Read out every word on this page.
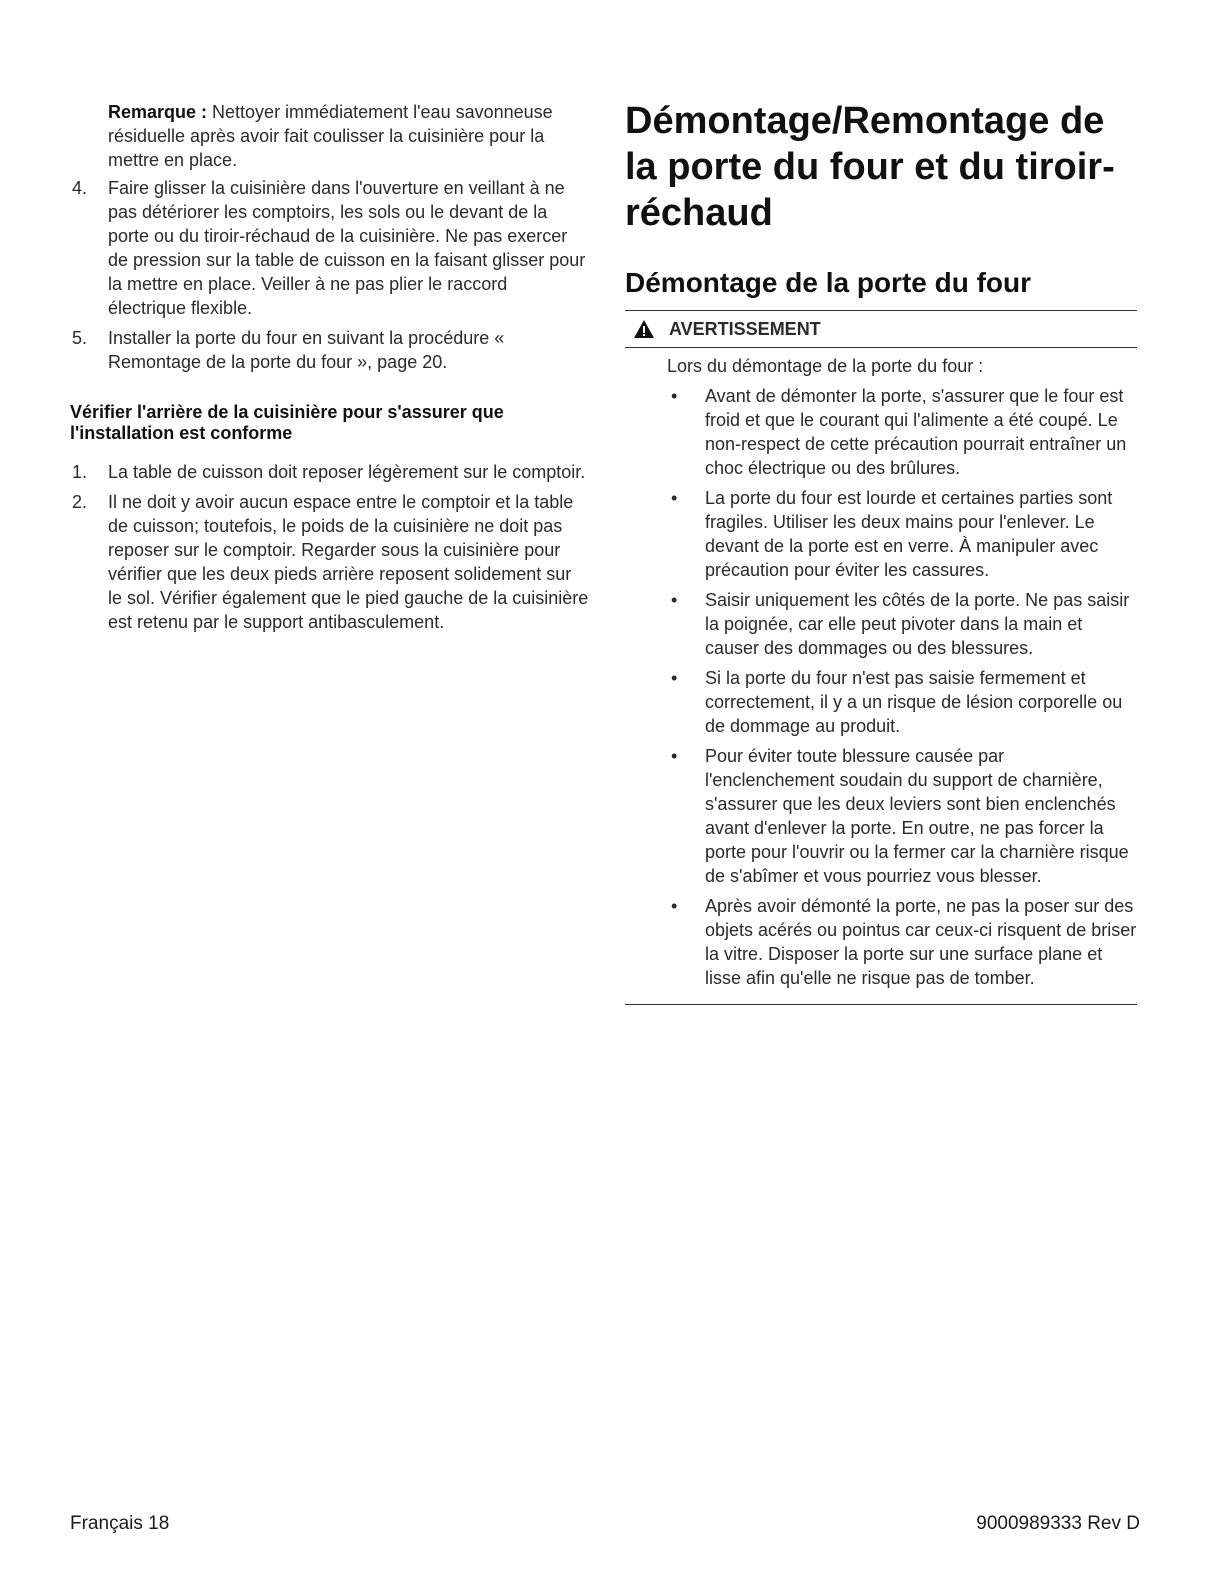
Remarque : Nettoyer immédiatement l'eau savonneuse résiduelle après avoir fait coulisser la cuisinière pour la mettre en place.

4. Faire glisser la cuisinière dans l'ouverture en veillant à ne pas détériorer les comptoirs, les sols ou le devant de la porte ou du tiroir-réchaud de la cuisinière. Ne pas exercer de pression sur la table de cuisson en la faisant glisser pour la mettre en place. Veiller à ne pas plier le raccord électrique flexible.
5. Installer la porte du four en suivant la procédure « Remontage de la porte du four », page 20.
Vérifier l'arrière de la cuisinière pour s'assurer que l'installation est conforme
1. La table de cuisson doit reposer légèrement sur le comptoir.
2. Il ne doit y avoir aucun espace entre le comptoir et la table de cuisson; toutefois, le poids de la cuisinière ne doit pas reposer sur le comptoir. Regarder sous la cuisinière pour vérifier que les deux pieds arrière reposent solidement sur le sol. Vérifier également que le pied gauche de la cuisinière est retenu par le support antibasculement.
Démontage/Remontage de la porte du four et du tiroir-réchaud
Démontage de la porte du four
AVERTISSEMENT
Lors du démontage de la porte du four :
• Avant de démonter la porte, s'assurer que le four est froid et que le courant qui l'alimente a été coupé. Le non-respect de cette précaution pourrait entraîner un choc électrique ou des brûlures.
• La porte du four est lourde et certaines parties sont fragiles. Utiliser les deux mains pour l'enlever. Le devant de la porte est en verre. À manipuler avec précaution pour éviter les cassures.
• Saisir uniquement les côtés de la porte. Ne pas saisir la poignée, car elle peut pivoter dans la main et causer des dommages ou des blessures.
• Si la porte du four n'est pas saisie fermement et correctement, il y a un risque de lésion corporelle ou de dommage au produit.
• Pour éviter toute blessure causée par l'enclenchement soudain du support de charnière, s'assurer que les deux leviers sont bien enclenchés avant d'enlever la porte. En outre, ne pas forcer la porte pour l'ouvrir ou la fermer car la charnière risque de s'abîmer et vous pourriez vous blesser.
• Après avoir démonté la porte, ne pas la poser sur des objets acérés ou pointus car ceux-ci risquent de briser la vitre. Disposer la porte sur une surface plane et lisse afin qu'elle ne risque pas de tomber.
Français 18	9000989333 Rev D
